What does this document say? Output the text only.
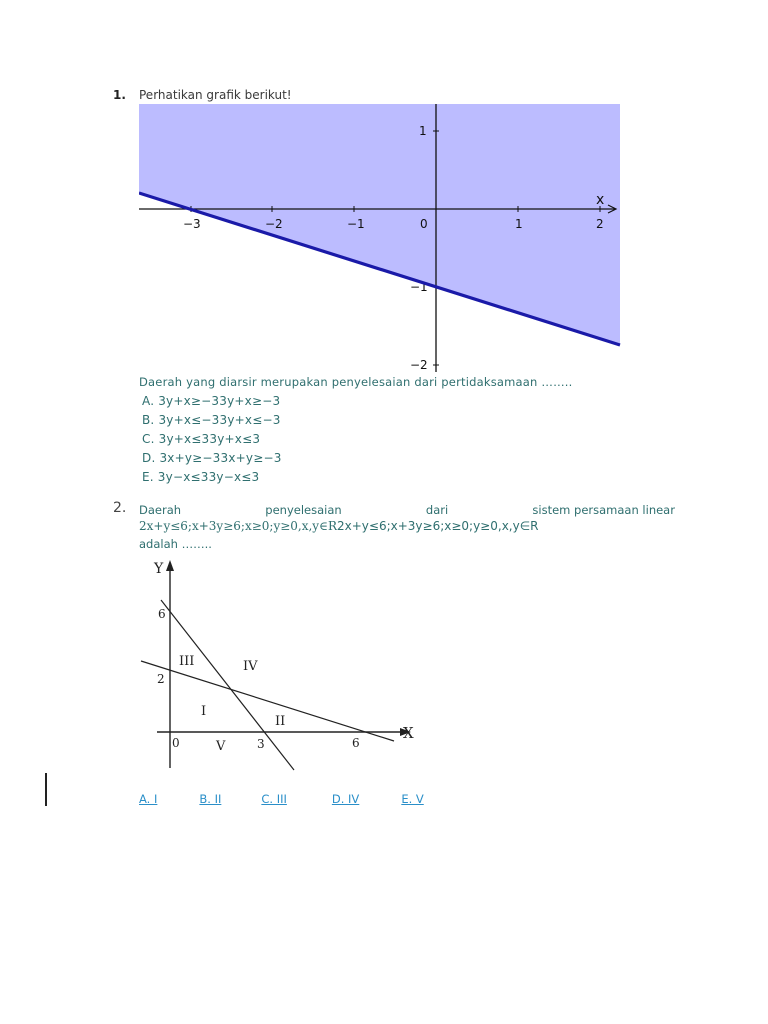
1. Perhatikan grafik berikut!
x
−3	−2	−1	0	1	2
1
−1
−2
Daerah yang diarsir merupakan penyelesaian dari pertidaksamaan ……..
A. 3y+x≥−33y+x≥−3
B. 3y+x≤−33y+x≤−3
C. 3y+x≤33y+x≤3
D. 3x+y≥−33x+y≥−3
E. 3y−x≤33y−x≤3
2. Daerah	penyelesaian	dari	sistem persamaan linear
2x+y≤6;x+3y≥6;x≥0;y≥0,x,y∈R2x+y≤6;x+3y≥6;x≥0;y≥0,x,y∈R
adalah ……..
Y
X
6
2
0	3	6
I
II
III	IV
V
A. I	B. II	C. III	D. IV	E. V
